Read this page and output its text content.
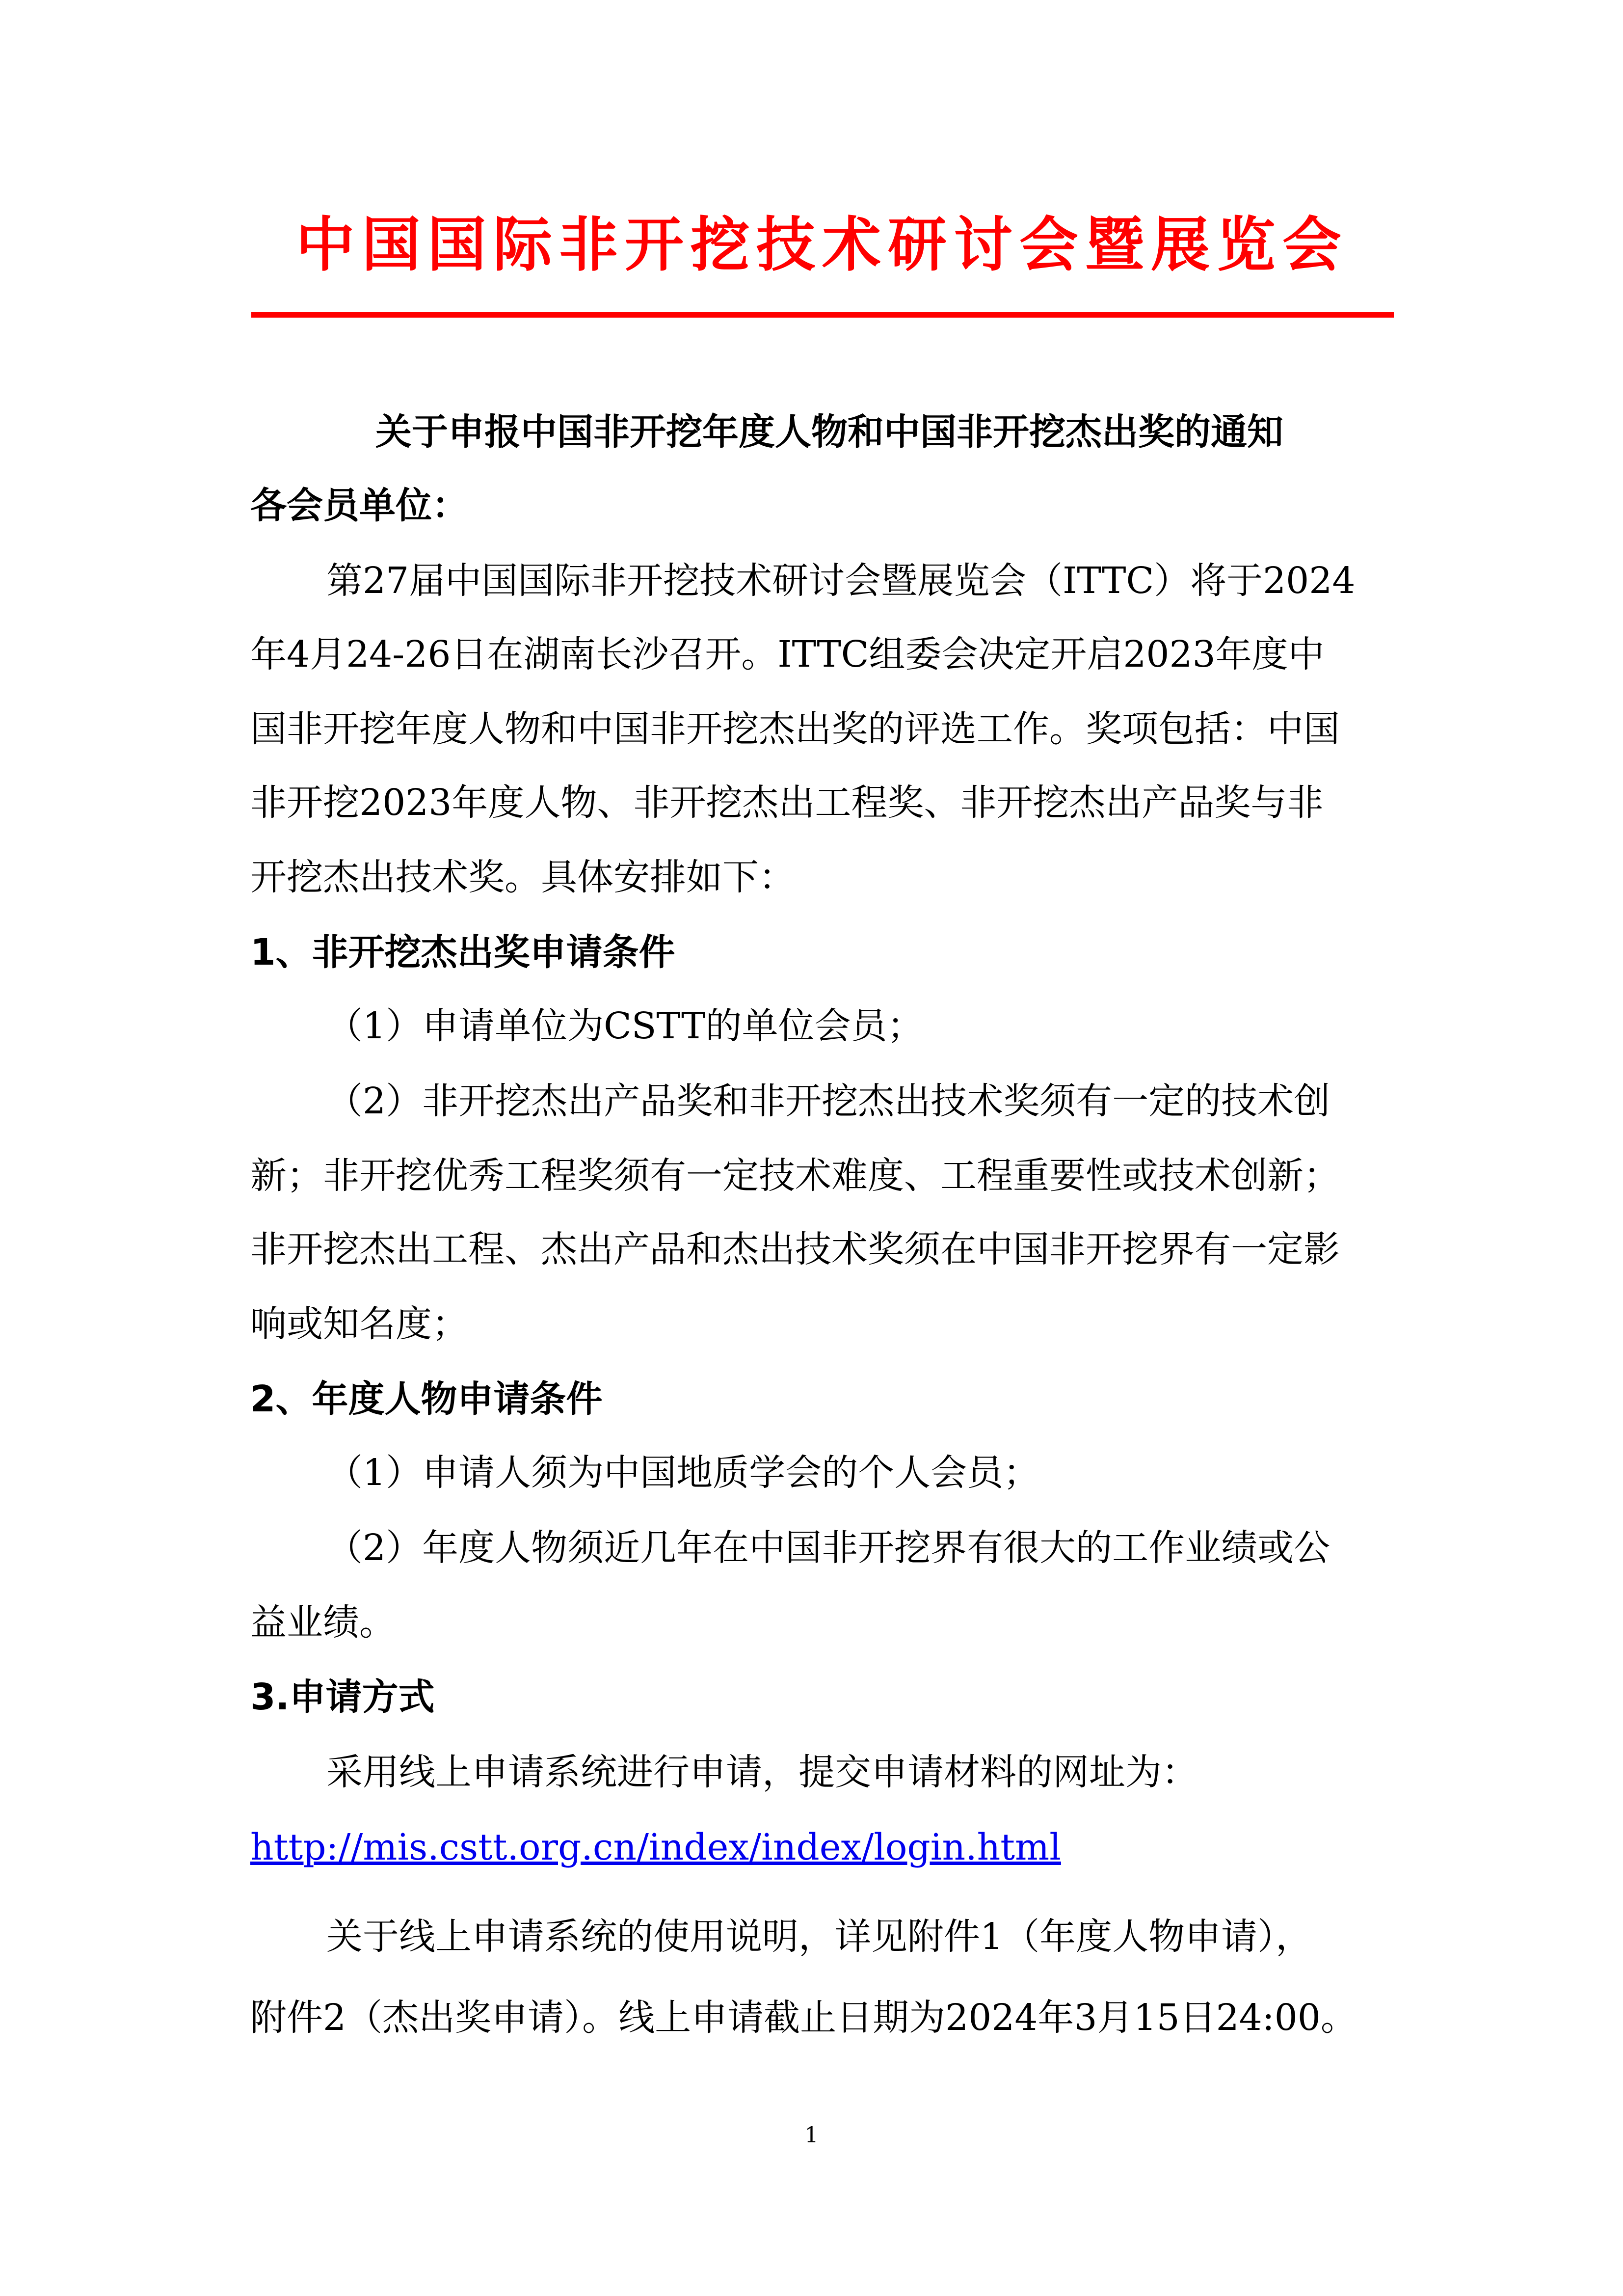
中国国际非开挖技术研讨会暨展览会
关于申报中国非开挖年度人物和中国非开挖杰出奖的通知
各会员单位：
第27届中国国际非开挖技术研讨会暨展览会（ITTC）将于2024
年4月24-26日在湖南长沙召开。ITTC组委会决定开启2023年度中
国非开挖年度人物和中国非开挖杰出奖的评选工作。奖项包括：中国
非开挖2023年度人物、非开挖杰出工程奖、非开挖杰出产品奖与非
开挖杰出技术奖。具体安排如下：
1、非开挖杰出奖申请条件
（1）申请单位为CSTT的单位会员；
（2）非开挖杰出产品奖和非开挖杰出技术奖须有一定的技术创
新；非开挖优秀工程奖须有一定技术难度、工程重要性或技术创新；
非开挖杰出工程、杰出产品和杰出技术奖须在中国非开挖界有一定影
响或知名度；
2、年度人物申请条件
（1）申请人须为中国地质学会的个人会员；
（2）年度人物须近几年在中国非开挖界有很大的工作业绩或公
益业绩。
3.申请方式
采用线上申请系统进行申请，提交申请材料的网址为：
http://mis.cstt.org.cn/index/index/login.html
关于线上申请系统的使用说明，详见附件1（年度人物申请），
附件2（杰出奖申请）。线上申请截止日期为2024年3月15日24:00。
1
